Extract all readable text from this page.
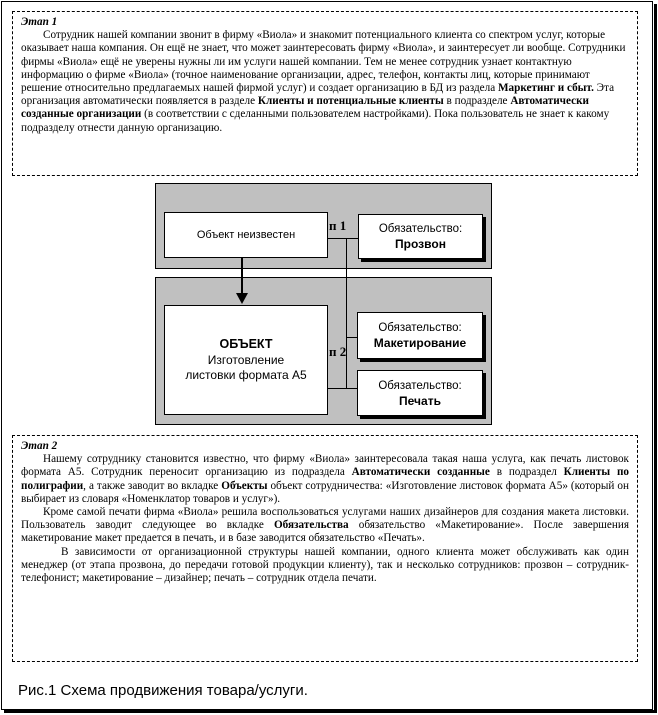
Этап 1

Сотрудник нашей компании звонит в фирму «Виола» и знакомит потенциального клиента со спектром услуг, которые оказывает наша компания. Он ещё не знает, что может заинтересовать фирму «Виола», и заинтересует ли вообще. Сотрудники фирмы «Виола» ещё не уверены нужны ли им услуги нашей компании. Тем не менее сотрудник узнает контактную информацию о фирме «Виола» (точное наименование организации, адрес, телефон, контакты лиц, которые принимают решение относительно предлагаемых нашей фирмой услуг) и создает организацию в БД из раздела Маркетинг и сбыт. Эта организация автоматически появляется в разделе Клиенты и потенциальные клиенты в подразделе Автоматически созданные организации (в соответствии с сделанными пользователем настройками). Пока пользователь не знает к какому подразделу отнести данную организацию.

Объект неизвестен	Обязательство:
Прозвон
ОБЪЕКТ
Изготовление
листовки формата А5
Обязательство:
Макетирование
Обязательство:
Печать
п 1
п 2

Этап 2

Нашему сотруднику становится известно, что фирму «Виола» заинтересовала такая наша услуга, как печать листовок формата А5. Сотрудник переносит организацию из подраздела Автоматически созданные в подраздел Клиенты по полиграфии, а также заводит во вкладке Объекты объект сотрудничества: «Изготовление листовок формата А5» (который он выбирает из словаря «Номенклатор товаров и услуг»).

Кроме самой печати фирма «Виола» решила воспользоваться услугами наших дизайнеров для создания макета листовки. Пользователь заводит следующее во вкладке Обязательства обязательство «Макетирование». После завершения макетирование макет предается в печать, и в базе заводится обязательство «Печать».

В зависимости от организационной структуры нашей компании, одного клиента может обслуживать как один менеджер (от этапа прозвона, до передачи готовой продукции клиенту), так и несколько сотрудников: прозвон – сотрудник-телефонист; макетирование – дизайнер; печать – сотрудник отдела печати.

Рис.1 Схема продвижения товара/услуги.
